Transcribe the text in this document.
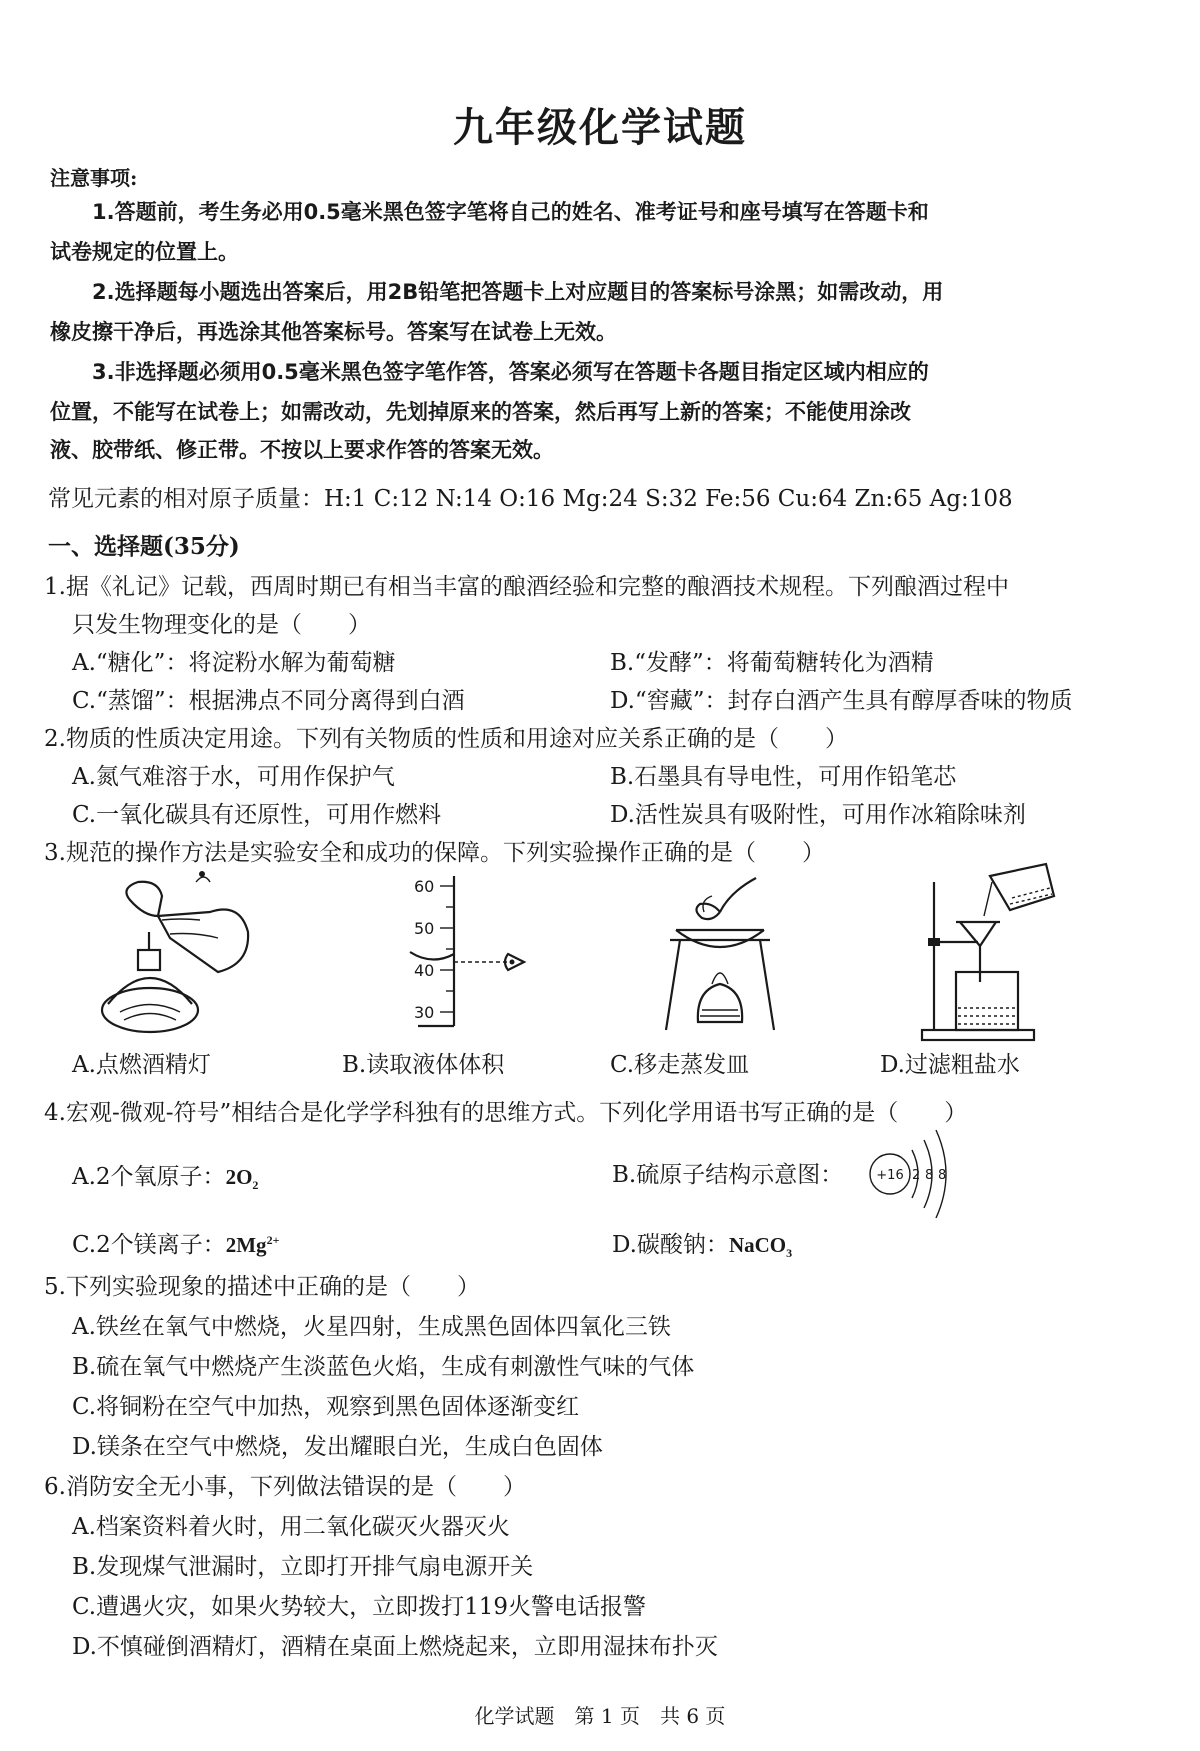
九年级化学试题
注意事项:
1.答题前，考生务必用0.5毫米黑色签字笔将自己的姓名、准考证号和座号填写在答题卡和
试卷规定的位置上。
2.选择题每小题选出答案后，用2B铅笔把答题卡上对应题目的答案标号涂黑；如需改动，用
橡皮擦干净后，再选涂其他答案标号。答案写在试卷上无效。
3.非选择题必须用0.5毫米黑色签字笔作答，答案必须写在答题卡各题目指定区域内相应的
位置，不能写在试卷上；如需改动，先划掉原来的答案，然后再写上新的答案；不能使用涂改
液、胶带纸、修正带。不按以上要求作答的答案无效。
常见元素的相对原子质量：H:1 C:12 N:14 O:16 Mg:24 S:32 Fe:56 Cu:64 Zn:65 Ag:108
一、选择题(35分)
1.据《礼记》记载，西周时期已有相当丰富的酿酒经验和完整的酿酒技术规程。下列酿酒过程中
只发生物理变化的是（　　）
A.“糖化”：将淀粉水解为葡萄糖	B.“发酵”：将葡萄糖转化为酒精
C.“蒸馏”：根据沸点不同分离得到白酒	D.“窖藏”：封存白酒产生具有醇厚香味的物质
2.物质的性质决定用途。下列有关物质的性质和用途对应关系正确的是（　　）
A.氮气难溶于水，可用作保护气	B.石墨具有导电性，可用作铅笔芯
C.一氧化碳具有还原性，可用作燃料	D.活性炭具有吸附性，可用作冰箱除味剂
3.规范的操作方法是实验安全和成功的保障。下列实验操作正确的是（　　）
A.点燃酒精灯
60
50
40
30
B.读取液体体积	C.移走蒸发皿	D.过滤粗盐水
4.宏观-微观-符号”相结合是化学学科独有的思维方式。下列化学用语书写正确的是（　　）
A.2个氧原子：$2O_2$	B.硫原子结构示意图：	+16 2 8 8
C.2个镁离子：$2Mg^{2+}$	D.碳酸钠：NaCO$_3$
5.下列实验现象的描述中正确的是（　　）
A.铁丝在氧气中燃烧，火星四射，生成黑色固体四氧化三铁
B.硫在氧气中燃烧产生淡蓝色火焰，生成有刺激性气味的气体
C.将铜粉在空气中加热，观察到黑色固体逐渐变红
D.镁条在空气中燃烧，发出耀眼白光，生成白色固体
6.消防安全无小事，下列做法错误的是（　　）
A.档案资料着火时，用二氧化碳灭火器灭火
B.发现煤气泄漏时，立即打开排气扇电源开关
C.遭遇火灾，如果火势较大，立即拨打119火警电话报警
D.不慎碰倒酒精灯，酒精在桌面上燃烧起来，立即用湿抹布扑灭
化学试题　第 1 页　共 6 页
